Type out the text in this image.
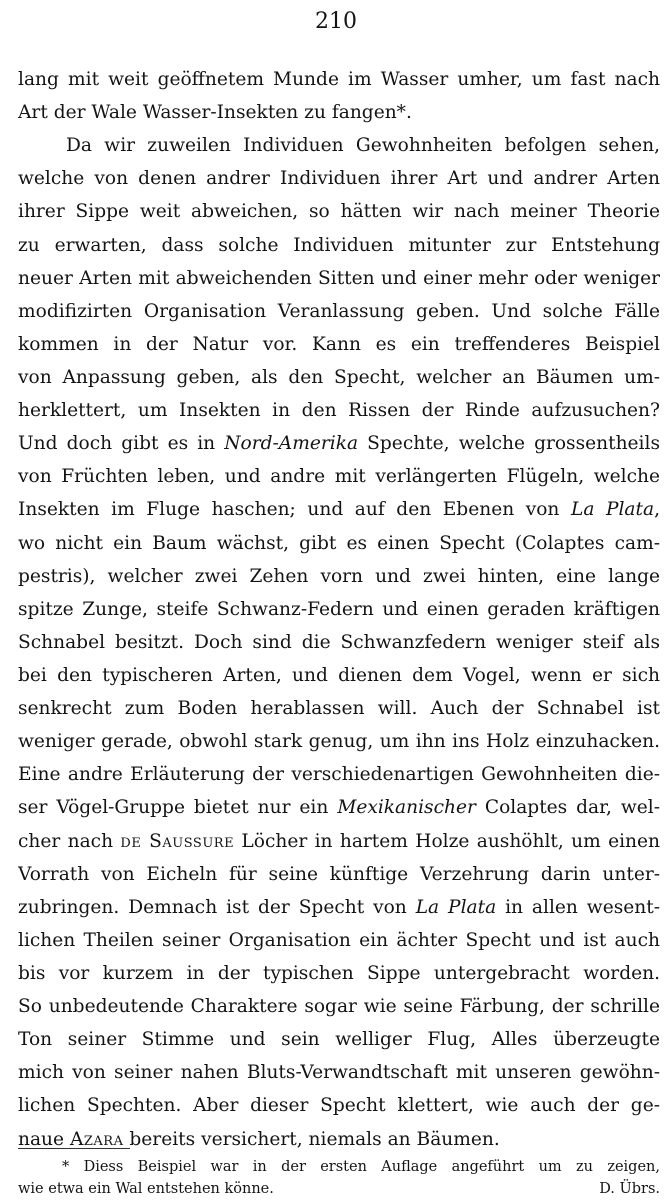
210
lang mit weit geöffnetem Munde im Wasser umher, um fast nach
Art der Wale Wasser-Insekten zu fangen*.
Da wir zuweilen Individuen Gewohnheiten befolgen sehen,
welche von denen andrer Individuen ihrer Art und andrer Arten
ihrer Sippe weit abweichen, so hätten wir nach meiner Theorie
zu erwarten, dass solche Individuen mitunter zur Entstehung
neuer Arten mit abweichenden Sitten und einer mehr oder weniger
modifizirten Organisation Veranlassung geben. Und solche Fälle
kommen in der Natur vor. Kann es ein treffenderes Beispiel
von Anpassung geben, als den Specht, welcher an Bäumen um-
herklettert, um Insekten in den Rissen der Rinde aufzusuchen?
Und doch gibt es in Nord-Amerika Spechte, welche grossentheils
von Früchten leben, und andre mit verlängerten Flügeln, welche
Insekten im Fluge haschen; und auf den Ebenen von La Plata,
wo nicht ein Baum wächst, gibt es einen Specht (Colaptes cam-
pestris), welcher zwei Zehen vorn und zwei hinten, eine lange
spitze Zunge, steife Schwanz-Federn und einen geraden kräftigen
Schnabel besitzt. Doch sind die Schwanzfedern weniger steif als
bei den typischeren Arten, und dienen dem Vogel, wenn er sich
senkrecht zum Boden herablassen will. Auch der Schnabel ist
weniger gerade, obwohl stark genug, um ihn ins Holz einzuhacken.
Eine andre Erläuterung der verschiedenartigen Gewohnheiten die-
ser Vögel-Gruppe bietet nur ein Mexikanischer Colaptes dar, wel-
cher nach de Saussure Löcher in hartem Holze aushöhlt, um einen
Vorrath von Eicheln für seine künftige Verzehrung darin unter-
zubringen. Demnach ist der Specht von La Plata in allen wesent-
lichen Theilen seiner Organisation ein ächter Specht und ist auch
bis vor kurzem in der typischen Sippe untergebracht worden.
So unbedeutende Charaktere sogar wie seine Färbung, der schrille
Ton seiner Stimme und sein welliger Flug, Alles überzeugte
mich von seiner nahen Bluts-Verwandtschaft mit unseren gewöhn-
lichen Spechten. Aber dieser Specht klettert, wie auch der ge-
naue Azara bereits versichert, niemals an Bäumen.
* Diess Beispiel war in der ersten Auflage angeführt um zu zeigen,
wie etwa ein Wal entstehen könne.	D. Übrs.
